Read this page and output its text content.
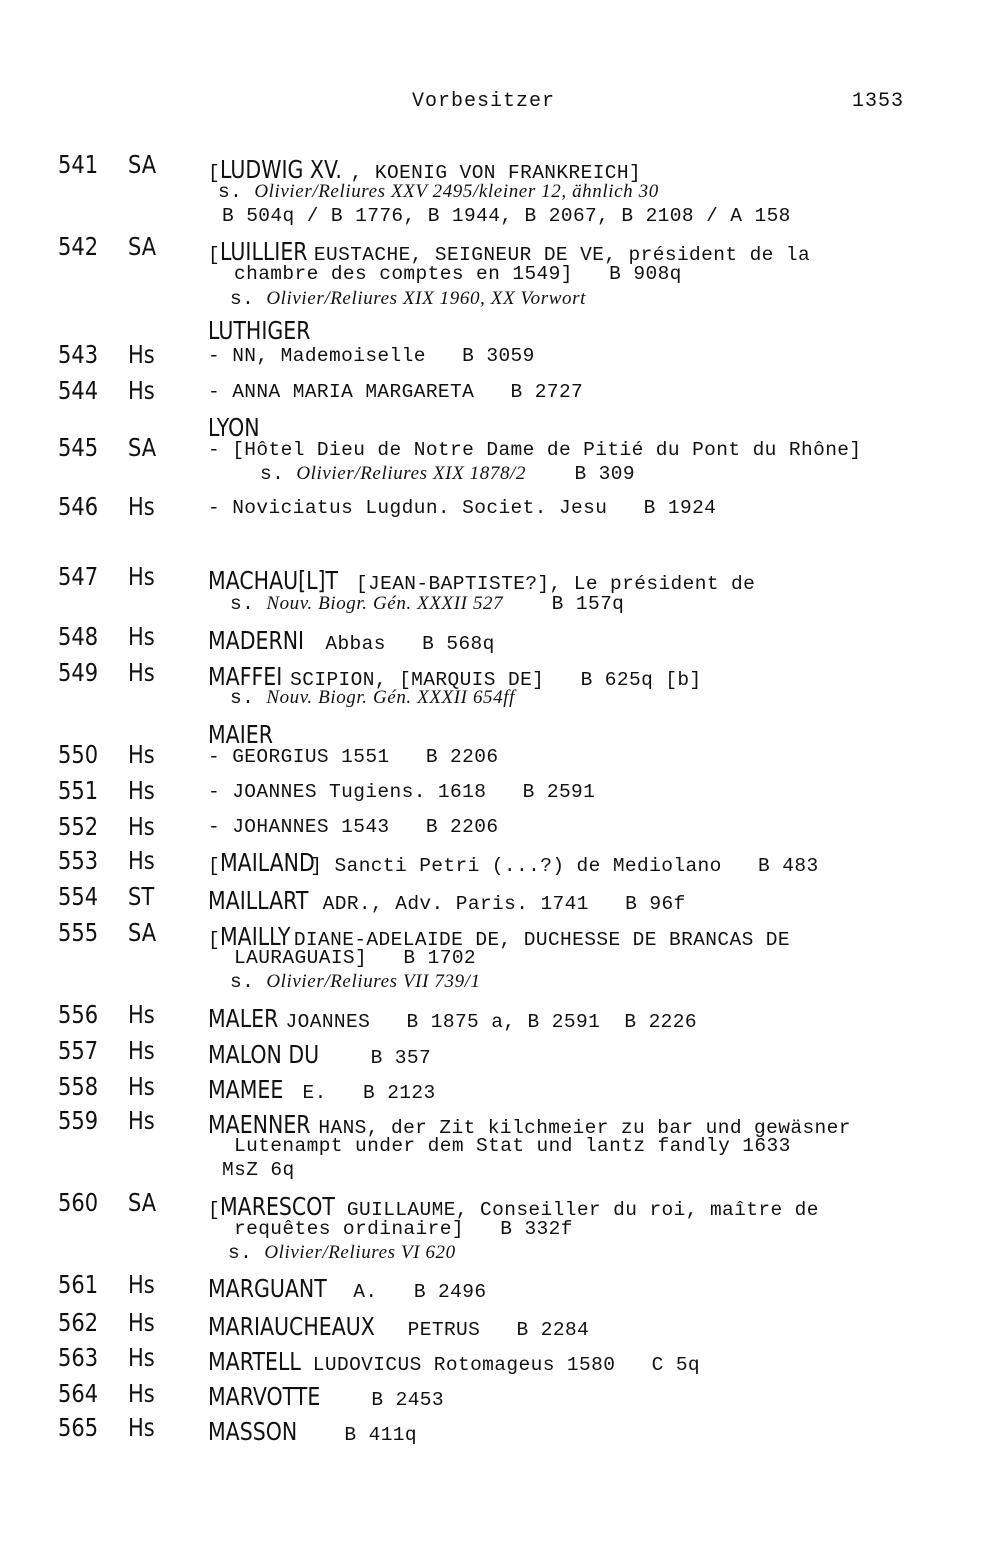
Vorbesitzer	1353
541 SA
542 SA
543 Hs
544 Hs
545 SA
546 Hs
547 Hs
548 Hs
549 Hs
550 Hs
551 Hs
552 Hs
553 Hs
554 ST
555 SA
556 Hs
557 Hs
558 Hs
559 Hs
560 SA
561 Hs
562 Hs
563 Hs
564 Hs
565 Hs
[LUDWIG XV. , KOENIG VON FRANKREICH]
s. Olivier/Reliures XXV 2495/kleiner 12, ähnlich 30
B 504q / B 1776, B 1944, B 2067, B 2108 / A 158
[LUILLIER EUSTACHE, SEIGNEUR DE VE, président de la
chambre des comptes en 1549]   B 908q
s. Olivier/Reliures XIX 1960, XX Vorwort
LUTHIGER
- NN, Mademoiselle   B 3059
- ANNA MARIA MARGARETA   B 2727
LYON
- [Hôtel Dieu de Notre Dame de Pitié du Pont du Rhône]
s. Olivier/Reliures XIX 1878/2    B 309
- Noviciatus Lugdun. Societ. Jesu   B 1924
MACHAU[L]T [JEAN-BAPTISTE?], Le président de
s. Nouv. Biogr. Gén. XXXII 527    B 157q
MADERNI Abbas   B 568q
MAFFEI SCIPION, [MARQUIS DE]   B 625q [b]
s. Nouv. Biogr. Gén. XXXII 654ff
MAIER
- GEORGIUS 1551   B 2206
- JOANNES Tugiens. 1618   B 2591
- JOHANNES 1543   B 2206
[MAILAND] Sancti Petri (...?) de Mediolano   B 483
MAILLART ADR., Adv. Paris. 1741   B 96f
[MAILLY DIANE-ADELAIDE DE, DUCHESSE DE BRANCAS DE
LAURAGUAIS]   B 1702
s. Olivier/Reliures VII 739/1
MALER JOANNES   B 1875 a, B 2591  B 2226
MALON DU   B 357
MAMEE E.   B 2123
MAENNER HANS, der Zit kilchmeier zu bar und gewäsner
Lutenampt under dem Stat und lantz fandly 1633
MsZ 6q
[MARESCOT GUILLAUME, Conseiller du roi, maître de
requêtes ordinaire]   B 332f
s. Olivier/Reliures VI 620
MARGUANT A.   B 2496
MARIAUCHEAUX PETRUS   B 2284
MARTELL LUDOVICUS Rotomageus 1580   C 5q
MARVOTTE   B 2453
MASSON   B 411q
